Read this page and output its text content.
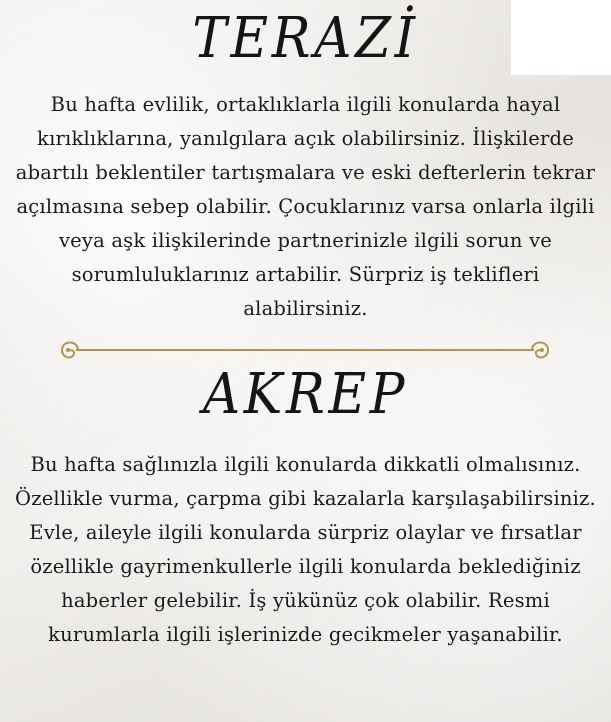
TERAZİ
Bu hafta evlilik, ortaklıklarla ilgili konularda hayal kırıklıklarına, yanılgılara açık olabilirsiniz. İlişkilerde abartılı beklentiler tartışmalara ve eski defterlerin tekrar açılmasına sebep olabilir. Çocuklarınız varsa onlarla ilgili veya aşk ilişkilerinde partnerinizle ilgili sorun ve sorumluluklarınız artabilir. Sürpriz iş teklifleri alabilirsiniz.
AKREP
Bu hafta sağlınızla ilgili konularda dikkatli olmalısınız. Özellikle vurma, çarpma gibi kazalarla karşılaşabilirsiniz. Evle, aileyle ilgili konularda sürpriz olaylar ve fırsatlar özellikle gayrimenkullerle ilgili konularda beklediğiniz haberler gelebilir. İş yükünüz çok olabilir. Resmi kurumlarla ilgili işlerinizde gecikmeler yaşanabilir.
